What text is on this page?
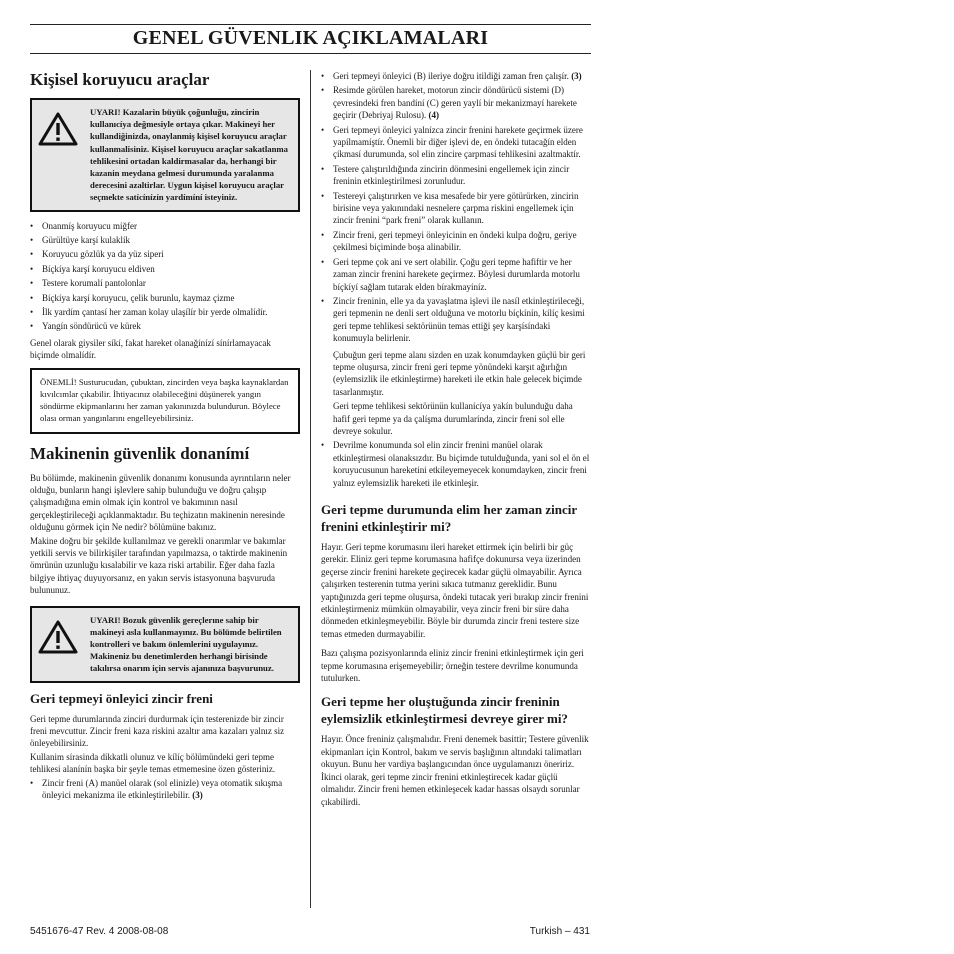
GENEL GÜVENLIK AÇIKLAMALARI
Kişisel koruyucu araçlar
UYARI! Kazalarin büyük çoğunluğu, zincirin kullanıcíya değmesiyle ortaya çıkar. Makineyi her kullandiğinizda, onaylanmiş kişisel koruyucu araçlar kullanmalisiniz. Kişisel koruyucu araçlar sakatlanma tehlikesini ortadan kaldirmasalar da, herhangi bir kazanin meydana gelmesi durumunda yaralanma derecesini azaltirlar. Uygun kişisel koruyucu araçlar seçmekte satícínízín yardímíní isteyiniz.
• Onanmíş koruyucu miğfer
• Gürültüye karşí kulaklík
• Koruyucu gözlük ya da yüz siperi
• Bíçkíya karşí koruyucu eldiven
• Testere korumalí pantolonlar
• Bíçkíya karşí koruyucu, çelik burunlu, kaymaz çizme
• İlk yardím çantasí her zaman kolay ulaşílír bir yerde olmalídír.
• Yangín söndürücü ve kürek

Genel olarak giysiler síkí, fakat hareket olanağínízí sínírlamayacak biçimde olmalídír.

ÖNEMLİ! Susturucudan, çubuktan, zincirden veya başka kaynaklardan kıvılcımlar çıkabilir. İhtiyacınız olabileceğini düşünerek yangın söndürme ekipmanlarını her zaman yakınınızda bulundurun. Böylece olası orman yangınlarını engelleyebilirsiniz.

Makinenin güvenlik donanímí

Bu bölümde, makinenin güvenlik donanımı konusunda ayrıntıların neler olduğu, bunların hangi işlevlere sahip bulunduğu ve doğru çalışıp çalışmadığına emin olmak için kontrol ve bakımının nasıl gerçekleştirileceği açıklanmaktadır. Bu teçhizatın makinenin neresinde olduğunu görmek için Ne nedir? bölümüne bakınız.

Makine doğru bir şekilde kullanılmaz ve gerekli onarımlar ve bakımlar yetkili servis ve bilirkişiler tarafından yapılmazsa, o taktirde makinenin ömrünün uzunluğu kısalabilir ve kaza riski artabilir. Eğer daha fazla bilgiye ihtiyaç duyuyorsanız, en yakın servis istasyonuna başvuruda bulununuz.

UYARI! Bozuk güvenlik gereçlerıne sahip bir makineyi asla kullanmayınız. Bu bölümde belirtilen kontrolleri ve bakım önlemlerini uygulayınız. Makineniz bu denetimlerden herhangi birisinde takılırsa onarım için servis ajanınıza başvurunuz.
Geri tepmeyi önleyici zincir freni

Geri tepme durumlarında zinciri durdurmak için testerenizde bir zincir freni mevcuttur. Zincir freni kaza riskini azaltır ama kazaları yalnız siz önleyebilirsiniz.

Kullanim sírasinda dikkatli olunuz ve kílíç bölümündeki geri tepme tehlikesi alanínín başka bir şeyle temas etmemesine özen gösteriniz.

• Zincir freni (A) manüel olarak (sol elinizle) veya otomatik sıkışma önleyici mekanizma ile etkinleştirilebilir. (3)
• Geri tepmeyi önleyici (B) ileriye doğru itildiği zaman fren çalışír. (3)
• Resimde görülen hareket, motorun zincir döndürücü sistemi (D) çevresindeki fren bandíní (C) geren yaylí bir mekanizmayí harekete geçirir (Debriyaj Rulosu). (4)
• Geri tepmeyi önleyici yalnízca zincir frenini harekete geçirmek üzere yapílmamíştír. Önemli bir diğer işlevi de, en öndeki tutacağín elden çíkmasí durumunda, sol elin zincire çarpmasí tehlikesini azaltmaktír.
• Testere çalıştırıldığında zincirin dönmesini engellemek için zincir freninin etkinleştirilmesi zorunludur.
• Testereyi çalıştırırken ve kısa mesafede bir yere götürürken, zincirin birisine veya yakınındaki nesnelere çarpma riskini engellemek için zincir frenini “park freni” olarak kullanın.
• Zincir freni, geri tepmeyi önleyicinin en öndeki kulpa doğru, geriye çekilmesi biçiminde boşa alinabilir.
• Geri tepme çok ani ve sert olabilir. Çoğu geri tepme hafiftir ve her zaman zincir frenini harekete geçirmez. Böylesi durumlarda motorlu bíçkíyí sağlam tutarak elden bírakmayíníz.
• Zincir freninin, elle ya da yavaşlatma işlevi ile nasíl etkinleştirileceği, geri tepmenin ne denli sert olduğuna ve motorlu bíçkínín, kílíç kesimi geri tepme tehlikesi sektörünün temas ettiği şey karşísíndaki konumuyla belirlenir.

Çubuğun geri tepme alanı sizden en uzak konumdayken güçlü bir geri tepme oluşursa, zincir freni geri tepme yönündeki karşıt ağırlığın (eylemsizlik ile etkinleştirme) hareketi ile etkin hale gelecek biçimde tasarlanmıştır.

Geri tepme tehlikesi sektörünün kullanícíya yakín bulunduğu daha hafif geri tepme ya da çalíşma durumlarínda, zincir freni sol elle devreye sokulur.

• Devrilme konumunda sol elin zincir frenini manüel olarak etkinleştirmesi olanaksızdır. Bu biçimde tutulduğunda, yani sol el ön el koruyucusunun hareketini etkileyemeyecek konumdayken, zincir freni yalnız eylemsizlik hareketi ile etkinleşir.
Geri tepme durumunda elim her zaman zincir frenini etkinleştirir mi?

Hayır. Geri tepme korumasını ileri hareket ettirmek için belirli bir güç gerekir. Eliniz geri tepme korumasına hafifçe dokunursa veya üzerinden geçerse zincir frenini harekete geçirecek kadar güçlü olmayabilir. Ayrıca çalışırken testerenin tutma yerini sıkıca tutmanız gereklidir. Bunu yaptığınızda geri tepme oluşursa, öndeki tutacak yeri bırakıp zincir frenini etkinleştirmeniz mümkün olmayabilir, veya zincir freni bir süre daha dönmeden etkinleşmeyebilir. Böyle bir durumda zincir freni testere size temas etmeden durmayabilir.

Bazı çalışma pozisyonlarında eliniz zincir frenini etkinleştirmek için geri tepme korumasına erişemeyebilir; örneğin testere devrilme konumunda tutulurken.

Geri tepme her oluştuğunda zincir freninin eylemsizlik etkinleştirmesi devreye girer mi?

Hayır. Önce freniniz çalışmalıdır. Freni denemek basittir; Testere güvenlik ekipmanları için Kontrol, bakım ve servis başlığının altındaki talimatları okuyun. Bunu her vardiya başlangıcından önce uygulamanızı öneririz. İkinci olarak, geri tepme zincir frenini etkinleştirecek kadar güçlü olmalıdır. Zincir freni hemen etkinleşecek kadar hassas olsaydı sorunlar çıkabilirdi.

5451676-47 Rev. 4 2008-08-08	Turkish – 431
